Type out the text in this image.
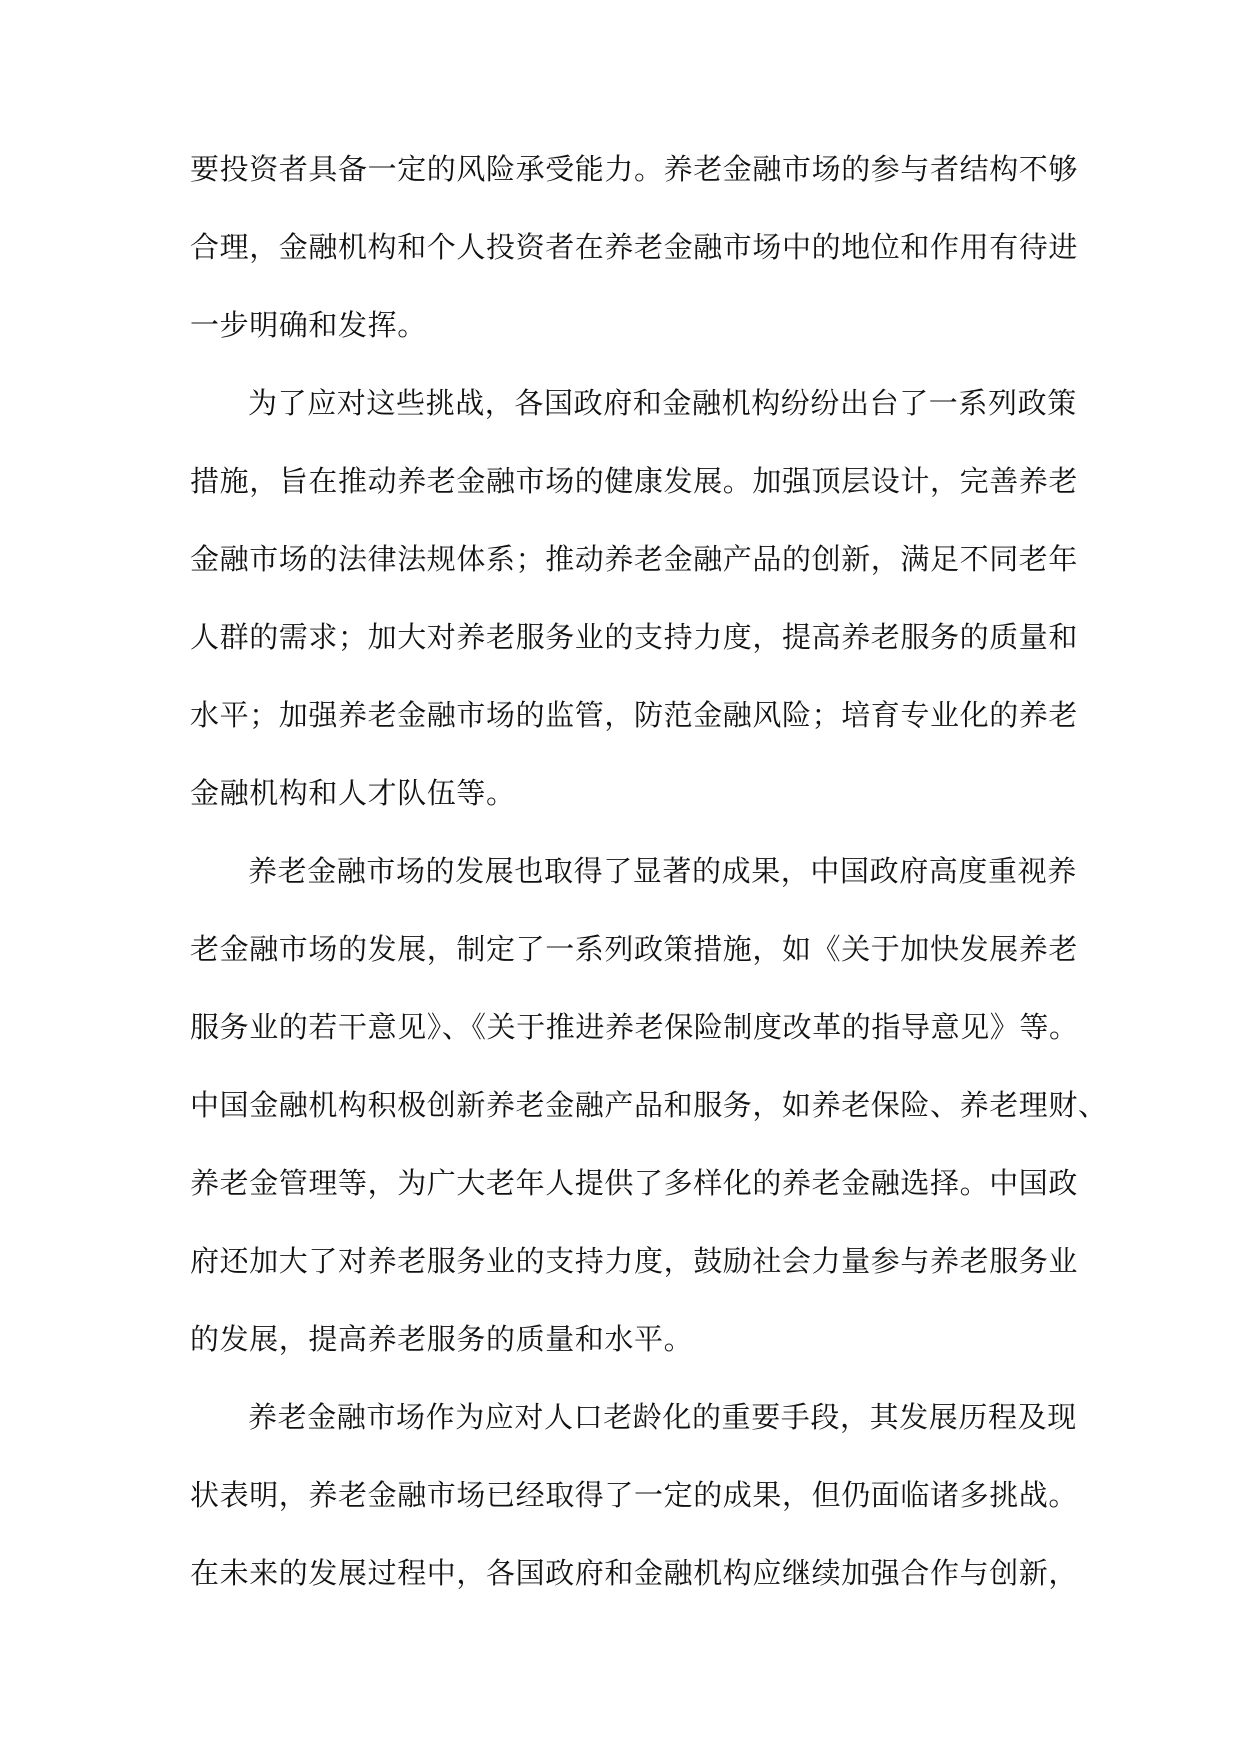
要投资者具备一定的风险承受能力。养老金融市场的参与者结构不够
合理，金融机构和个人投资者在养老金融市场中的地位和作用有待进
一步明确和发挥。
为了应对这些挑战，各国政府和金融机构纷纷出台了一系列政策
措施，旨在推动养老金融市场的健康发展。加强顶层设计，完善养老
金融市场的法律法规体系；推动养老金融产品的创新，满足不同老年
人群的需求；加大对养老服务业的支持力度，提高养老服务的质量和
水平；加强养老金融市场的监管，防范金融风险；培育专业化的养老
金融机构和人才队伍等。
养老金融市场的发展也取得了显著的成果，中国政府高度重视养
老金融市场的发展，制定了一系列政策措施，如《关于加快发展养老
服务业的若干意见》、《关于推进养老保险制度改革的指导意见》等。
中国金融机构积极创新养老金融产品和服务，如养老保险、养老理财、
养老金管理等，为广大老年人提供了多样化的养老金融选择。中国政
府还加大了对养老服务业的支持力度，鼓励社会力量参与养老服务业
的发展，提高养老服务的质量和水平。
养老金融市场作为应对人口老龄化的重要手段，其发展历程及现
状表明，养老金融市场已经取得了一定的成果，但仍面临诸多挑战。
在未来的发展过程中，各国政府和金融机构应继续加强合作与创新，
